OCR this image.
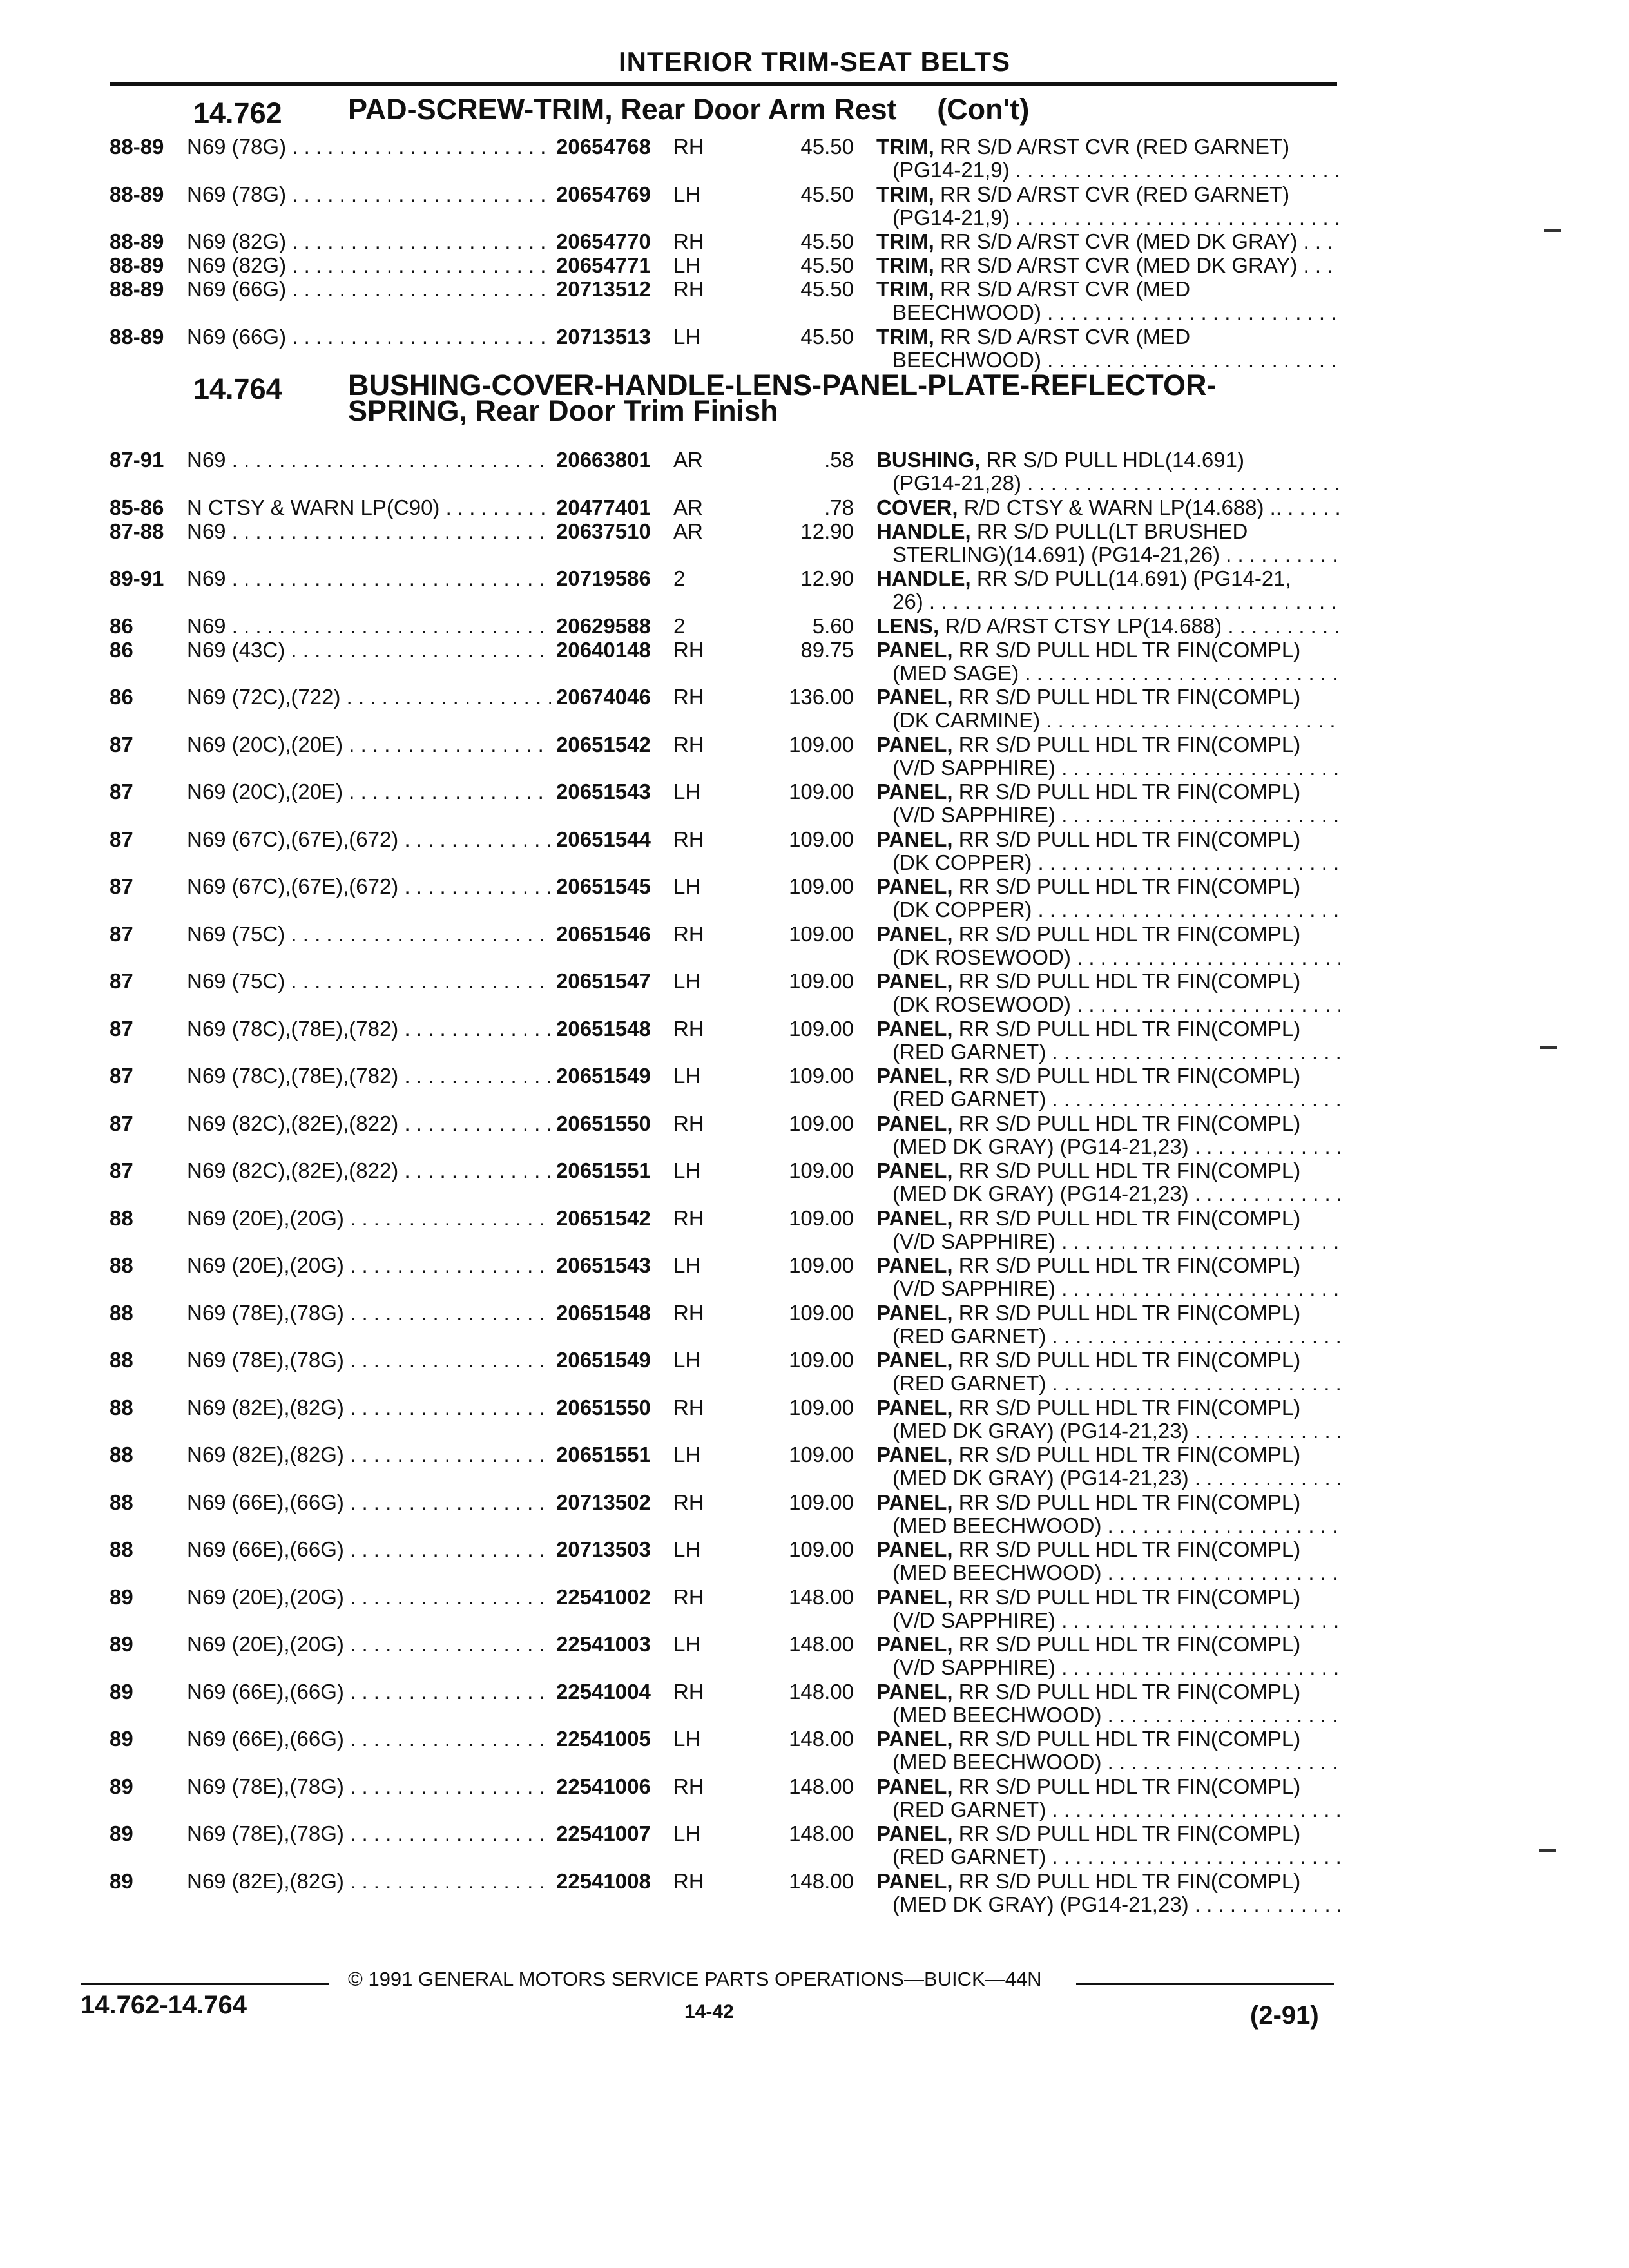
INTERIOR TRIM-SEAT BELTS
14.762 PAD-SCREW-TRIM, Rear Door Arm Rest (Con't)
88-89 N69 (78G) . . .	20654768	RH	45.50 TRIM, RR S/D A/RST CVR (RED GARNET)
(PG14-21,9) . . .
88-89 N69 (78G) . . .	20654769	LH	45.50 TRIM, RR S/D A/RST CVR (RED GARNET)
(PG14-21,9) . . .
88-89 N69 (82G) . . .	20654770	RH	45.50 TRIM, RR S/D A/RST CVR (MED DK GRAY) . . .
88-89 N69 (82G) . . .	20654771	LH	45.50 TRIM, RR S/D A/RST CVR (MED DK GRAY) . . .
88-89 N69 (66G) . . .	20713512	RH	45.50 TRIM, RR S/D A/RST CVR (MED
BEECHWOOD) . . .
88-89 N69 (66G) . . .	20713513	LH	45.50 TRIM, RR S/D A/RST CVR (MED
BEECHWOOD) . . .
14.764 BUSHING-COVER-HANDLE-LENS-PANEL-PLATE-REFLECTOR-
SPRING, Rear Door Trim Finish
87-91 N69 . . .	20663801	AR	.58 BUSHING, RR S/D PULL HDL(14.691)
(PG14-21,28) . . .
85-86 N CTSY & WARN LP(C90) . . .	20477401	AR	.78 COVER, R/D CTSY & WARN LP(14.688) .. . . .
87-88 N69 . . .	20637510	AR	12.90 HANDLE, RR S/D PULL(LT BRUSHED
STERLING)(14.691) (PG14-21,26) . . .
89-91 N69 . . .	20719586	2	12.90 HANDLE, RR S/D PULL(14.691) (PG14-21,
26) . . .
86	N69 . . .	20629588	2	5.60 LENS, R/D A/RST CTSY LP(14.688) . . .
86	N69 (43C) . . .	20640148	RH	89.75 PANEL, RR S/D PULL HDL TR FIN(COMPL)
(MED SAGE) . . .
86	N69 (72C),(722) . . .	20674046	RH	136.00 PANEL, RR S/D PULL HDL TR FIN(COMPL)
(DK CARMINE) . . .
87	N69 (20C),(20E) . . .	20651542	RH	109.00 PANEL, RR S/D PULL HDL TR FIN(COMPL)
(V/D SAPPHIRE) . . .
87	N69 (20C),(20E) . . .	20651543	LH	109.00 PANEL, RR S/D PULL HDL TR FIN(COMPL)
(V/D SAPPHIRE) . . .
87	N69 (67C),(67E),(672) . . .	20651544	RH	109.00 PANEL, RR S/D PULL HDL TR FIN(COMPL)
(DK COPPER) . . .
87	N69 (67C),(67E),(672) . . .	20651545	LH	109.00 PANEL, RR S/D PULL HDL TR FIN(COMPL)
(DK COPPER) . . .
87	N69 (75C) . . .	20651546	RH	109.00 PANEL, RR S/D PULL HDL TR FIN(COMPL)
(DK ROSEWOOD) . . .
87	N69 (75C) . . .	20651547	LH	109.00 PANEL, RR S/D PULL HDL TR FIN(COMPL)
(DK ROSEWOOD) . . .
87	N69 (78C),(78E),(782) . . .	20651548	RH	109.00 PANEL, RR S/D PULL HDL TR FIN(COMPL)
(RED GARNET) . . .
87	N69 (78C),(78E),(782) . . .	20651549	LH	109.00 PANEL, RR S/D PULL HDL TR FIN(COMPL)
(RED GARNET) . . .
87	N69 (82C),(82E),(822) . . .	20651550	RH	109.00 PANEL, RR S/D PULL HDL TR FIN(COMPL)
(MED DK GRAY) (PG14-21,23) . . .
87	N69 (82C),(82E),(822) . . .	20651551	LH	109.00 PANEL, RR S/D PULL HDL TR FIN(COMPL)
(MED DK GRAY) (PG14-21,23) . . .
88	N69 (20E),(20G) . . .	20651542	RH	109.00 PANEL, RR S/D PULL HDL TR FIN(COMPL)
(V/D SAPPHIRE) . . .
88	N69 (20E),(20G) . . .	20651543	LH	109.00 PANEL, RR S/D PULL HDL TR FIN(COMPL)
(V/D SAPPHIRE) . . .
88	N69 (78E),(78G) . . .	20651548	RH	109.00 PANEL, RR S/D PULL HDL TR FIN(COMPL)
(RED GARNET) . . .
88	N69 (78E),(78G) . . .	20651549	LH	109.00 PANEL, RR S/D PULL HDL TR FIN(COMPL)
(RED GARNET) . . .
88	N69 (82E),(82G) . . .	20651550	RH	109.00 PANEL, RR S/D PULL HDL TR FIN(COMPL)
(MED DK GRAY) (PG14-21,23) . . .
88	N69 (82E),(82G) . . .	20651551	LH	109.00 PANEL, RR S/D PULL HDL TR FIN(COMPL)
(MED DK GRAY) (PG14-21,23) . . .
88	N69 (66E),(66G) . . .	20713502	RH	109.00 PANEL, RR S/D PULL HDL TR FIN(COMPL)
(MED BEECHWOOD) . . .
88	N69 (66E),(66G) . . .	20713503	LH	109.00 PANEL, RR S/D PULL HDL TR FIN(COMPL)
(MED BEECHWOOD) . . .
89	N69 (20E),(20G) . . .	22541002	RH	148.00 PANEL, RR S/D PULL HDL TR FIN(COMPL)
(V/D SAPPHIRE) . . .
89	N69 (20E),(20G) . . .	22541003	LH	148.00 PANEL, RR S/D PULL HDL TR FIN(COMPL)
(V/D SAPPHIRE) . . .
89	N69 (66E),(66G) . . .	22541004	RH	148.00 PANEL, RR S/D PULL HDL TR FIN(COMPL)
(MED BEECHWOOD) . . .
89	N69 (66E),(66G) . . .	22541005	LH	148.00 PANEL, RR S/D PULL HDL TR FIN(COMPL)
(MED BEECHWOOD) . . .
89	N69 (78E),(78G) . . .	22541006	RH	148.00 PANEL, RR S/D PULL HDL TR FIN(COMPL)
(RED GARNET) . . .
89	N69 (78E),(78G) . . .	22541007	LH	148.00 PANEL, RR S/D PULL HDL TR FIN(COMPL)
(RED GARNET) . . .
89	N69 (82E),(82G) . . .	22541008	RH	148.00 PANEL, RR S/D PULL HDL TR FIN(COMPL)
(MED DK GRAY) (PG14-21,23) . . .
© 1991 GENERAL MOTORS SERVICE PARTS OPERATIONS—BUICK—44N
14.762-14.764	14-42	(2-91)
